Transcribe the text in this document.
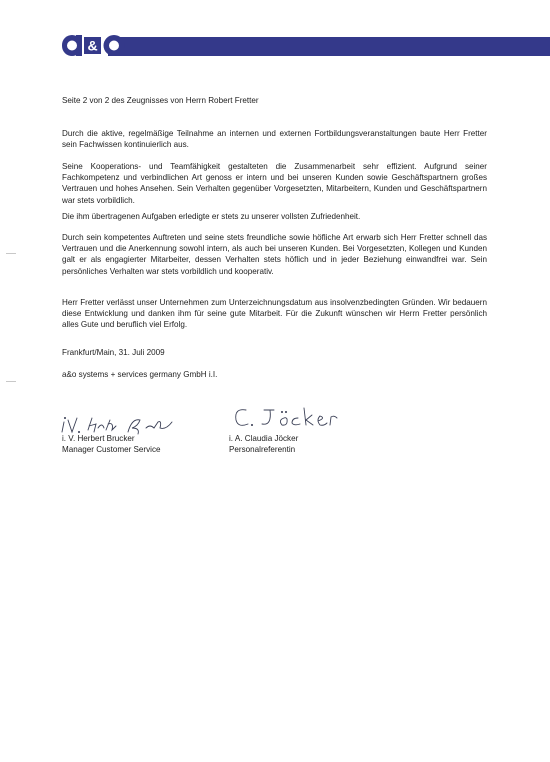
&
Seite 2 von 2 des Zeugnisses von Herrn Robert Fretter
Durch die aktive, regelmäßige Teilnahme an internen und externen Fortbildungsveranstaltungen baute Herr Fretter sein Fachwissen kontinuierlich aus.
Seine Kooperations- und Teamfähigkeit gestalteten die Zusammenarbeit sehr effizient. Aufgrund seiner Fachkompetenz und verbindlichen Art genoss er intern und bei unseren Kunden sowie Geschäftspartnern großes Vertrauen und hohes Ansehen. Sein Verhalten gegenüber Vorgesetzten, Mitarbeitern, Kunden und Geschäftspartnern war stets vorbildlich.
Die ihm übertragenen Aufgaben erledigte er stets zu unserer vollsten Zufriedenheit.
Durch sein kompetentes Auftreten und seine stets freundliche sowie höfliche Art erwarb sich Herr Fretter schnell das Vertrauen und die Anerkennung sowohl intern, als auch bei unseren Kunden. Bei Vorgesetzten, Kollegen und Kunden galt er als engagierter Mitarbeiter, dessen Verhalten stets höflich und in jeder Beziehung einwandfrei war. Sein persönliches Verhalten war stets vorbildlich und kooperativ.
Herr Fretter verlässt unser Unternehmen zum Unterzeichnungsdatum aus insolvenzbedingten Gründen. Wir bedauern diese Entwicklung und danken ihm für seine gute Mitarbeit. Für die Zukunft wünschen wir Herrn Fretter persönlich alles Gute und beruflich viel Erfolg.
Frankfurt/Main, 31. Juli 2009
a&o systems + services germany GmbH i.I.
i. V. Herbert Brucker
Manager Customer Service
i. A. Claudia Jöcker
Personalreferentin
